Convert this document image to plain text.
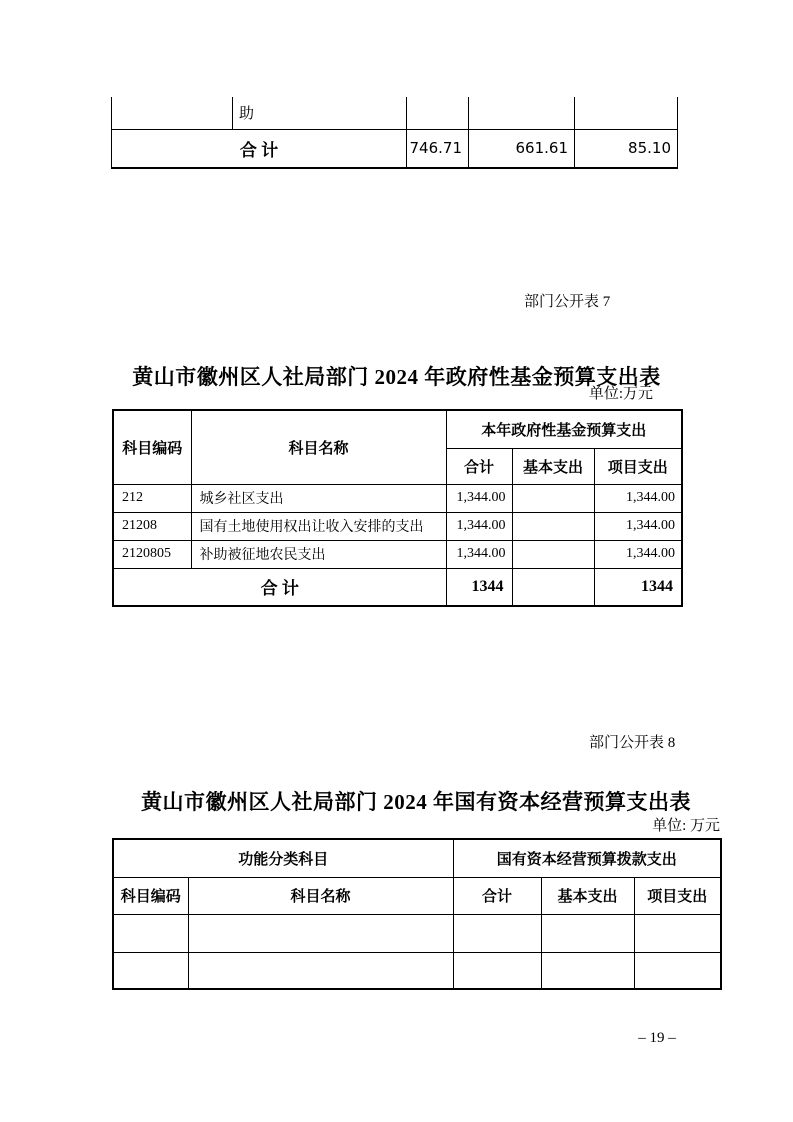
	助			
合 计		746.71	661.61	85.10
部门公开表 7
黄山市徽州区人社局部门 2024 年政府性基金预算支出表
单位:万元
科目编码	科目名称	本年政府性基金预算支出		
		合计	基本支出	项目支出
212	城乡社区支出	1,344.00		1,344.00
21208	国有土地使用权出让收入安排的支出	1,344.00		1,344.00
2120805	补助被征地农民支出	1,344.00		1,344.00
合 计		1344		1344
部门公开表 8
黄山市徽州区人社局部门 2024 年国有资本经营预算支出表
单位: 万元
功能分类科目		国有资本经营预算拨款支出		
科目编码	科目名称	合计	基本支出	项目支出

– 19 –
